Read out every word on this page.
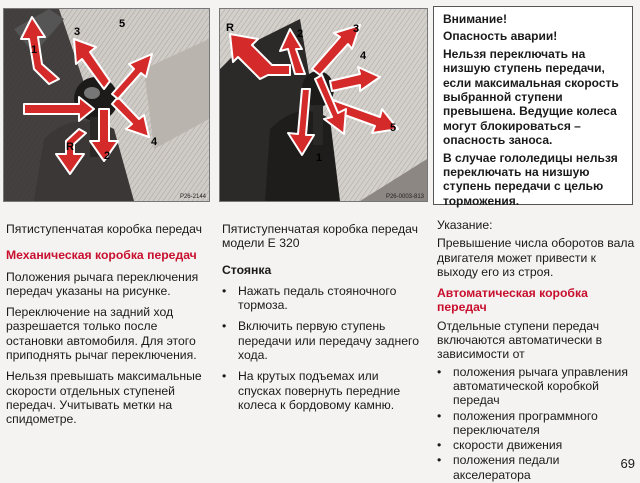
1
2
3
4
5
R
P26-2144
1
2	3
4
5
R
P26-0003-813

Внимание!

Опасность аварии!

Нельзя переключать на низшую ступень передачи, если максимальная скорость выбранной ступени превышена. Ведущие колеса могут блокироваться – опасность заноса.

В случае гололедицы нельзя переключать на низшую ступень передачи с целью торможения.

Пятиступенчатая коробка передач

Механическая коробка передач

Положения рычага переключения передач указаны на рисунке.

Переключение на задний ход разрешается только после остановки автомобиля. Для этого приподнять рычаг переключения.

Нельзя превышать максимальные скорости отдельных ступеней передач. Учитывать метки на спидометре.

Пятиступенчатая коробка передач модели E 320

Стоянка

• Нажать педаль стояночного тормоза.
• Включить первую ступень передачи или передачу заднего хода.
• На крутых подъемах или спусках повернуть передние колеса к бордовому камню.

Указание:

Превышение числа оборотов вала двигателя может привести к выходу его из строя.

Автоматическая коробка передач

Отдельные ступени передач включаются автоматически в зависимости от

• положения рычага управления автоматической коробкой передач
• положения программного переключателя
• скорости движения
• положения педали акселератора
69
